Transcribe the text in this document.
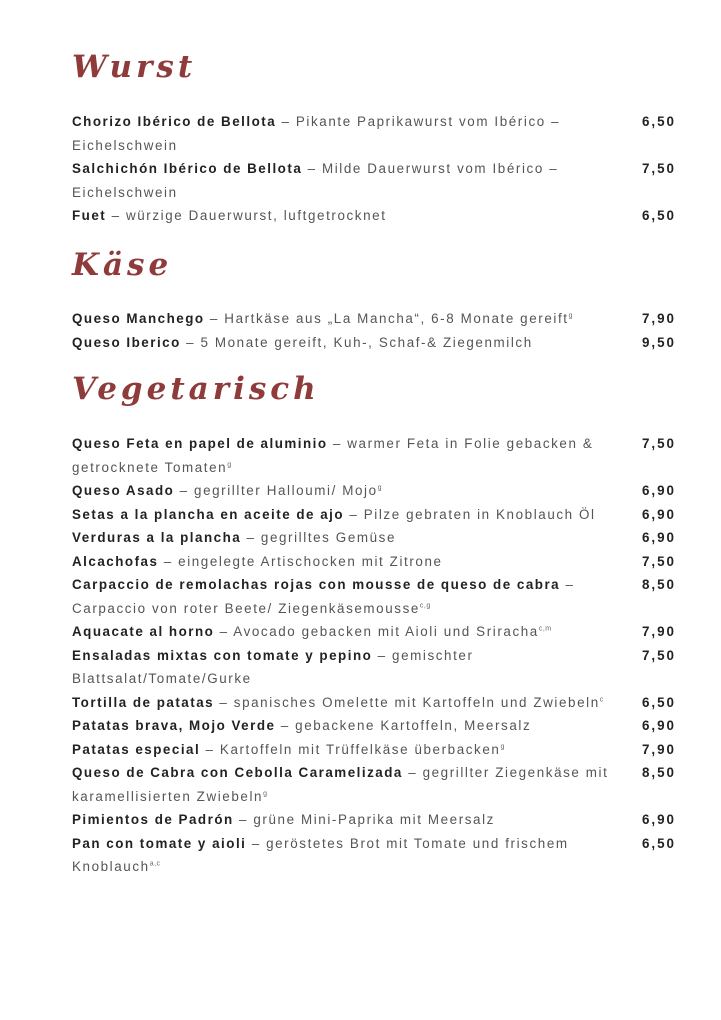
Wurst
Chorizo Ibérico de Bellota – Pikante Paprikawurst vom Ibérico – Eichelschwein
6,50
Salchichón Ibérico de Bellota – Milde Dauerwurst vom Ibérico – Eichelschwein
7,50
Fuet – würzige Dauerwurst, luftgetrocknet	6,50
Käse
Queso Manchego – Hartkäse aus „La Mancha“, 6-8 Monate gereift$^g$	7,90
Queso Iberico – 5 Monate gereift, Kuh-, Schaf-& Ziegenmilch	9,50
Vegetarisch
Queso Feta en papel de aluminio – warmer Feta in Folie gebacken & getrocknete Tomaten$^g$
7,50
Queso Asado – gegrillter Halloumi/ Mojo$^g$	6,90
Setas a la plancha en aceite de ajo – Pilze gebraten in Knoblauch Öl	6,90
Verduras a la plancha – gegrilltes Gemüse	6,90
Alcachofas – eingelegte Artischocken mit Zitrone	7,50
Carpaccio de remolachas rojas con mousse de queso de cabra – Carpaccio von roter Beete/ Ziegenkäsemousse$^{c,g}$
8,50
Aquacate al horno – Avocado gebacken mit Aioli und Sriracha$^{c,m}$	7,90
Ensaladas mixtas con tomate y pepino – gemischter Blattsalat/Tomate/Gurke
7,50
Tortilla de patatas – spanisches Omelette mit Kartoffeln und Zwiebeln$^c$	6,50
Patatas brava, Mojo Verde – gebackene Kartoffeln, Meersalz	6,90
Patatas especial – Kartoffeln mit Trüffelkäse überbacken$^g$	7,90
Queso de Cabra con Cebolla Caramelizada – gegrillter Ziegenkäse mit karamellisierten Zwiebeln$^g$
8,50
Pimientos de Padrón – grüne Mini-Paprika mit Meersalz	6,90
Pan con tomate y aioli – geröstetes Brot mit Tomate und frischem Knoblauch$^{a,c}$
6,50
